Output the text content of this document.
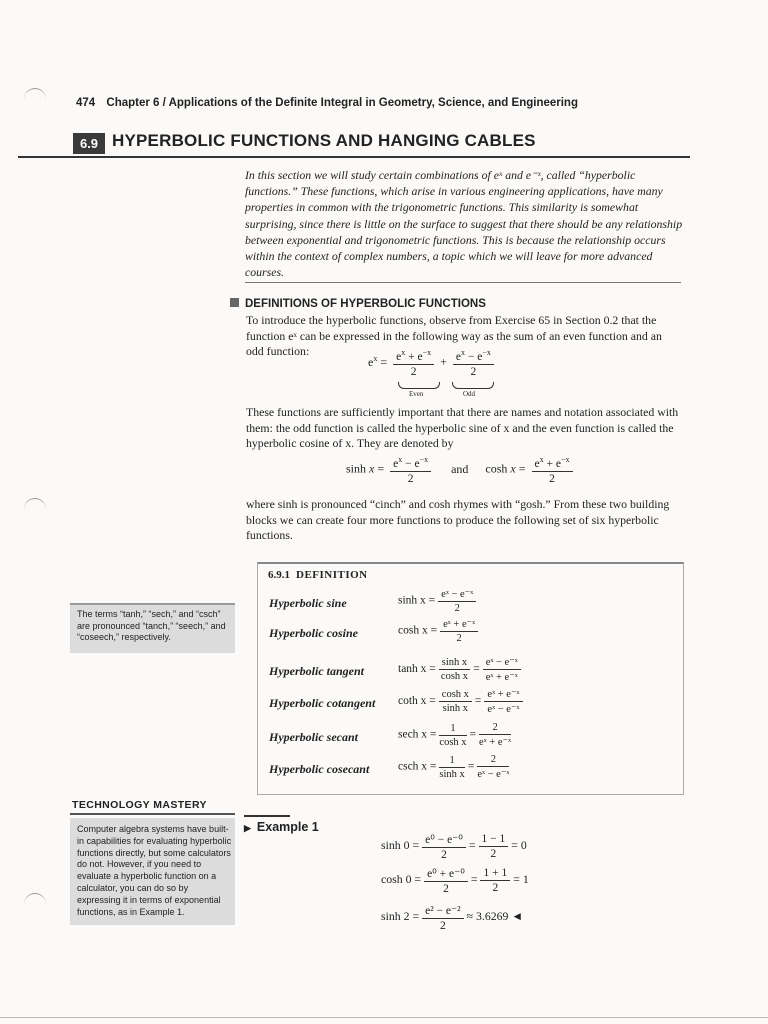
474 Chapter 6 / Applications of the Definite Integral in Geometry, Science, and Engineering
6.9 HYPERBOLIC FUNCTIONS AND HANGING CABLES
In this section we will study certain combinations of eˣ and e⁻ˣ, called “hyperbolic functions.” These functions, which arise in various engineering applications, have many properties in common with the trigonometric functions. This similarity is somewhat surprising, since there is little on the surface to suggest that there should be any relationship between exponential and trigonometric functions. This is because the relationship occurs within the context of complex numbers, a topic which we will leave for more advanced courses.
DEFINITIONS OF HYPERBOLIC FUNCTIONS
To introduce the hyperbolic functions, observe from Exercise 65 in Section 0.2 that the function eˣ can be expressed in the following way as the sum of an even function and an odd function:
$e^x = \frac{e^x + e^{-x}}{2} + \frac{e^x - e^{-x}}{2}$
Even	Odd
These functions are sufficiently important that there are names and notation associated with them: the odd function is called the hyperbolic sine of x and the even function is called the hyperbolic cosine of x. They are denoted by
$\sinh x = \frac{e^x - e^{-x}}{2}$ and $\cosh x = \frac{e^x + e^{-x}}{2}$
where sinh is pronounced “cinch” and cosh rhymes with “gosh.” From these two building blocks we can create four more functions to produce the following set of six hyperbolic functions.
6.9.1 DEFINITION
Hyperbolic sine	$\sinh x = \frac{\text{eˣ − e⁻ˣ}}{2}$
Hyperbolic cosine	$\cosh x = \frac{\text{eˣ + e⁻ˣ}}{2}$
Hyperbolic tangent	$\tanh x = \frac{\text{sinh x}}{\text{cosh x}} = \frac{\text{eˣ − e⁻ˣ}}{\text{eˣ + e⁻ˣ}}$
Hyperbolic cotangent coth $x = \frac{\text{cosh x}}{\text{sinh x}} = \frac{\text{eˣ + e⁻ˣ}}{\text{eˣ − e⁻ˣ}}$
Hyperbolic secant	sech $x = \frac{1}{\text{cosh x}} = \frac{2}{\text{eˣ + e⁻ˣ}}$
Hyperbolic cosecant csch $x = \frac{1}{\text{sinh x}} = \frac{2}{\text{eˣ − e⁻ˣ}}$
The terms “tanh,” “sech,” and “csch” are pronounced “tanch,” “seech,” and “coseech,” respectively.
TECHNOLOGY MASTERY
Computer algebra systems have built-in capabilities for evaluating hyperbolic functions directly, but some calculators do not. However, if you need to evaluate a hyperbolic function on a calculator, you can do so by expressing it in terms of exponential functions, as in Example 1.
▶ Example 1
$\sinh 0 = \frac{\text{e⁰ − e⁻⁰}}{2} = \frac{1 - 1}{2} = 0$
$\cosh 0 = \frac{\text{e⁰ + e⁻⁰}}{2} = \frac{1 + 1}{2} = 1$
$\sinh 2 = \frac{\text{e² − e⁻²}}{2} \approx 3.6269$ ◄
